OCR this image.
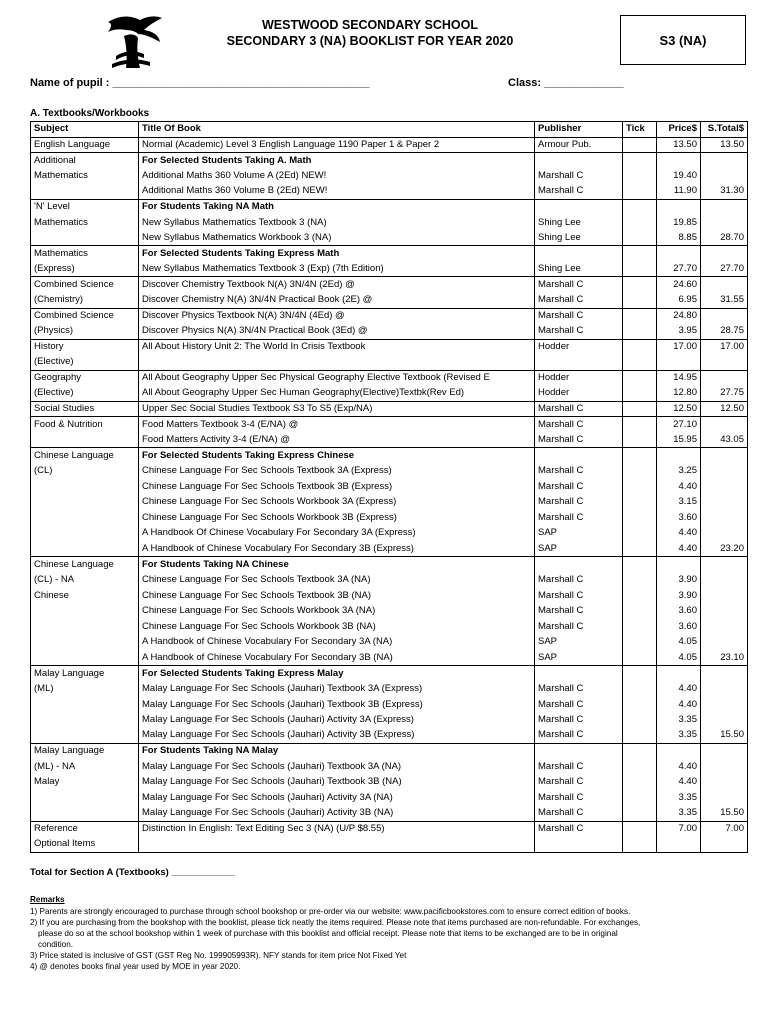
WESTWOOD SECONDARY SCHOOL
SECONDARY 3 (NA) BOOKLIST FOR YEAR 2020	S3 (NA)
Name of pupil : __________________________________________	Class: _____________
A. Textbooks/Workbooks
Subject	Title Of Book	Publisher	Tick	Price$	S.Total$
English Language	Normal (Academic) Level 3 English Language 1190 Paper 1 & Paper 2	Armour Pub.		13.50	13.50
Additional	For Selected Students Taking A. Math				
Mathematics	Additional Maths 360 Volume A (2Ed) NEW!	Marshall C		19.40	
	Additional Maths 360 Volume B (2Ed) NEW!	Marshall C		11.90	31.30
'N' Level	For Students Taking NA Math				
Mathematics	New Syllabus Mathematics Textbook 3 (NA)	Shing Lee		19.85	
	New Syllabus Mathematics Workbook 3 (NA)	Shing Lee		8.85	28.70
Mathematics	For Selected Students Taking Express Math				
(Express)	New Syllabus Mathematics Textbook 3 (Exp) (7th Edition)	Shing Lee		27.70	27.70
Combined Science	Discover Chemistry Textbook N(A) 3N/4N (2Ed) @	Marshall C		24.60	
(Chemistry)	Discover Chemistry N(A) 3N/4N Practical Book (2E) @	Marshall C		6.95	31.55
Combined Science	Discover Physics Textbook N(A) 3N/4N (4Ed) @	Marshall C		24.80	
(Physics)	Discover Physics N(A) 3N/4N Practical Book (3Ed) @	Marshall C		3.95	28.75
History	All About History Unit 2: The World In Crisis Textbook	Hodder		17.00	17.00
(Elective)					
Geography	All About Geography Upper Sec Physical Geography Elective Textbook (Revised E	Hodder		14.95	
(Elective)	All About Geography Upper Sec Human Geography(Elective)Textbk(Rev Ed)	Hodder		12.80	27.75
Social Studies	Upper Sec Social Studies Textbook S3 To S5 (Exp/NA)	Marshall C		12.50	12.50
Food & Nutrition	Food Matters Textbook 3-4 (E/NA) @	Marshall C		27.10	
	Food Matters Activity 3-4 (E/NA) @	Marshall C		15.95	43.05
Chinese Language	For Selected Students Taking Express Chinese				
(CL)	Chinese Language For Sec Schools Textbook 3A (Express)	Marshall C		3.25	
	Chinese Language For Sec Schools Textbook 3B (Express)	Marshall C		4.40	
	Chinese Language For Sec Schools Workbook 3A (Express)	Marshall C		3.15	
	Chinese Language For Sec Schools Workbook 3B (Express)	Marshall C		3.60	
	A Handbook Of Chinese Vocabulary For Secondary 3A (Express)	SAP		4.40	
	A Handbook of Chinese Vocabulary For Secondary 3B (Express)	SAP		4.40	23.20
Chinese Language	For Students Taking NA Chinese				
(CL) - NA	Chinese Language For Sec Schools Textbook 3A (NA)	Marshall C		3.90	
Chinese	Chinese Language For Sec Schools Textbook 3B (NA)	Marshall C		3.90	
	Chinese Language For Sec Schools Workbook 3A (NA)	Marshall C		3.60	
	Chinese Language For Sec Schools Workbook 3B (NA)	Marshall C		3.60	
	A Handbook of Chinese Vocabulary For Secondary 3A (NA)	SAP		4.05	
	A Handbook of Chinese Vocabulary For Secondary 3B (NA)	SAP		4.05	23.10
Malay Language	For Selected Students Taking Express Malay				
(ML)	Malay Language For Sec Schools (Jauhari) Textbook 3A (Express)	Marshall C		4.40	
	Malay Language For Sec Schools (Jauhari) Textbook 3B (Express)	Marshall C		4.40	
	Malay Language For Sec Schools (Jauhari) Activity 3A (Express)	Marshall C		3.35	
	Malay Language For Sec Schools (Jauhari) Activity 3B (Express)	Marshall C		3.35	15.50
Malay Language	For Students Taking NA Malay				
(ML) - NA	Malay Language For Sec Schools (Jauhari) Textbook 3A (NA)	Marshall C		4.40	
Malay	Malay Language For Sec Schools (Jauhari) Textbook 3B (NA)	Marshall C		4.40	
	Malay Language For Sec Schools (Jauhari) Activity 3A (NA)	Marshall C		3.35	
	Malay Language For Sec Schools (Jauhari) Activity 3B (NA)	Marshall C		3.35	15.50
Reference	Distinction In English: Text Editing Sec 3 (NA) (U/P $8.55)	Marshall C		7.00	7.00
Optional Items					
Total for Section A (Textbooks) ____________
Remarks
1) Parents are strongly encouraged to purchase through school bookshop or pre-order via our website: www.pacificbookstores.com to ensure correct edition of books.
2) If you are purchasing from the bookshop with the booklist, please tick neatly the items required. Please note that items purchased are non-refundable. For exchanges,
please do so at the school bookshop within 1 week of purchase with this booklist and official receipt. Please note that items to be exchanged are to be in original
condition.
3) Price stated is inclusive of GST (GST Reg No. 199905993R). NFY stands for item price Not Fixed Yet
4) @ denotes books final year used by MOE in year 2020.
